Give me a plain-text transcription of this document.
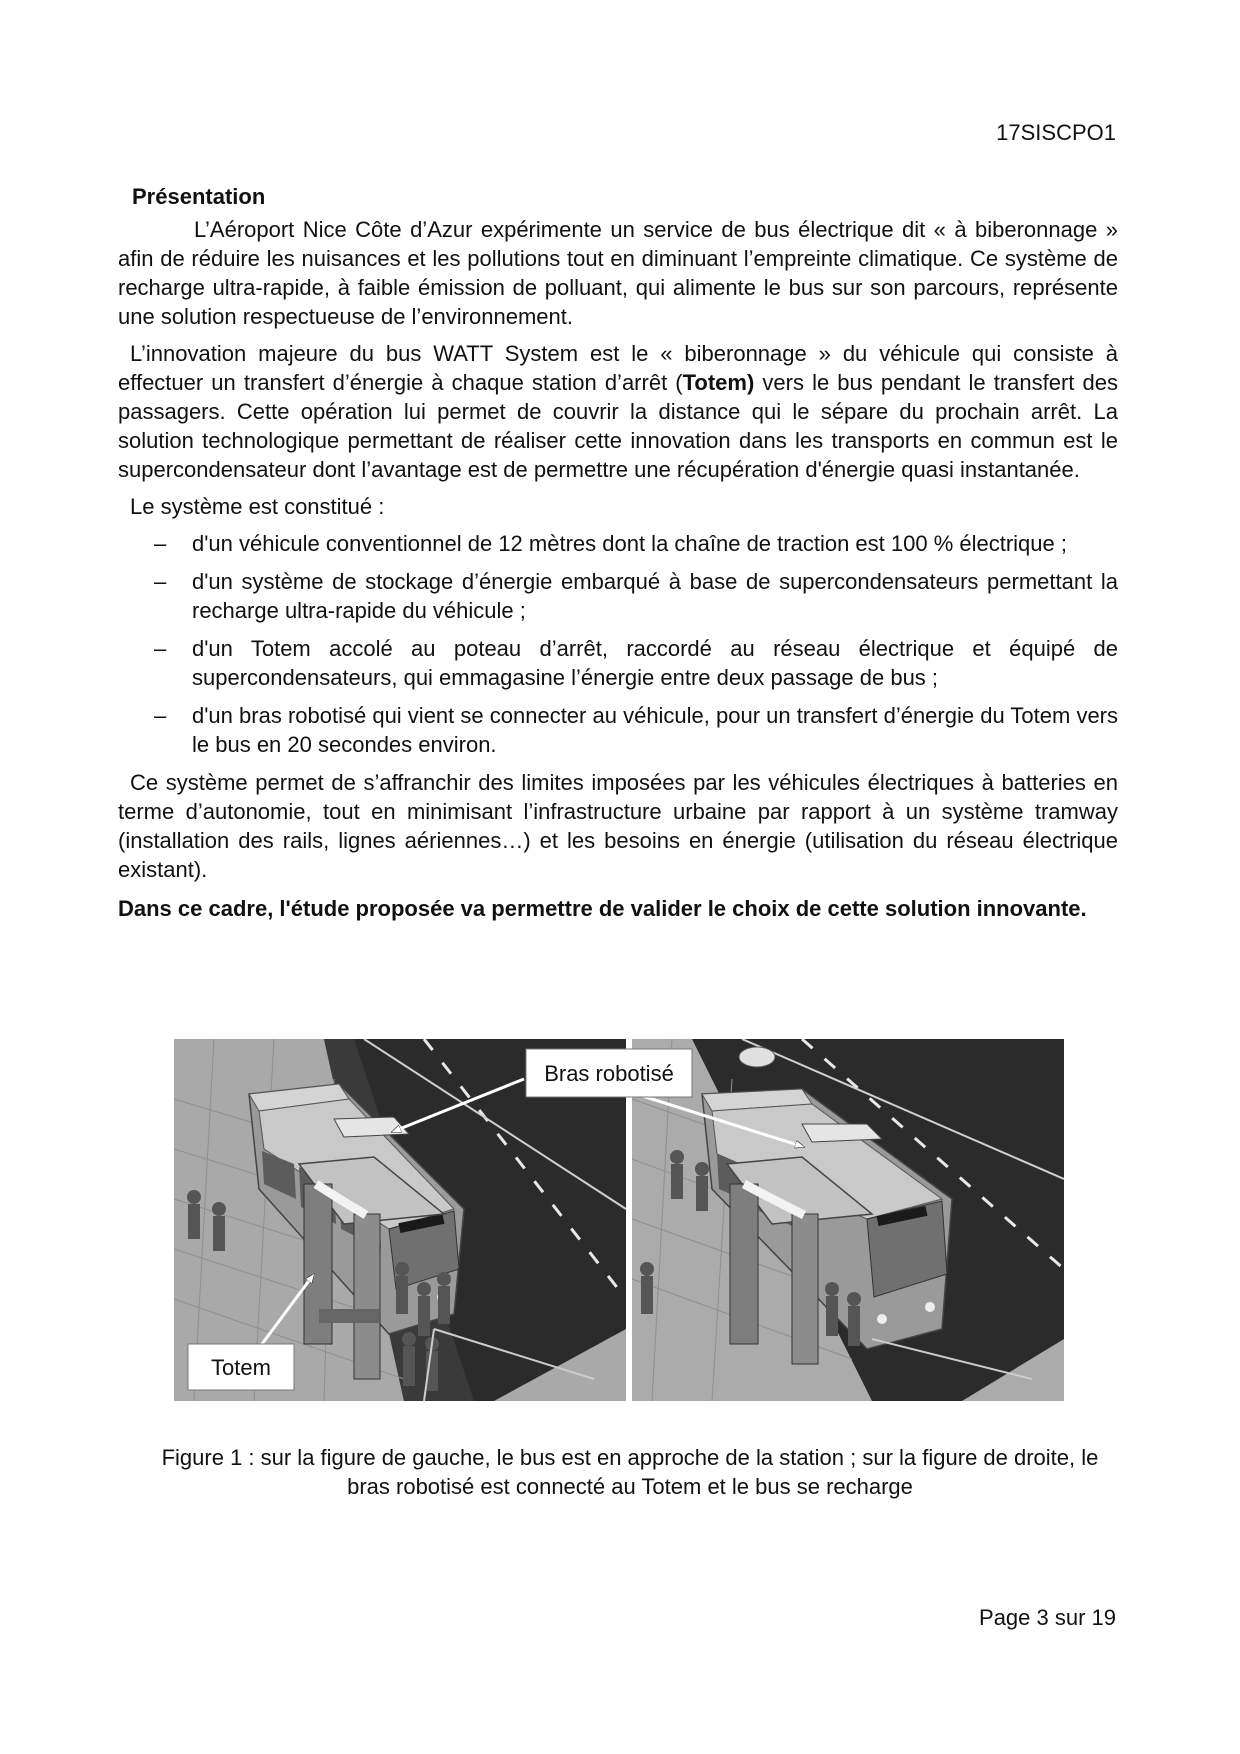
17SISCPO1
Présentation

L’Aéroport Nice Côte d’Azur expérimente un service de bus électrique dit « à biberonnage » afin de réduire les nuisances et les pollutions tout en diminuant l’empreinte climatique. Ce système de recharge ultra-rapide, à faible émission de polluant, qui alimente le bus sur son parcours, représente une solution respectueuse de l’environnement.

L’innovation majeure du bus WATT System est le « biberonnage » du véhicule qui consiste à effectuer un transfert d’énergie à chaque station d’arrêt (Totem) vers le bus pendant le transfert des passagers. Cette opération lui permet de couvrir la distance qui le sépare du prochain arrêt. La solution technologique permettant de réaliser cette innovation dans les transports en commun est le supercondensateur dont l’avantage est de permettre une récupération d'énergie quasi instantanée.

Le système est constitué :

– d'un véhicule conventionnel de 12 mètres dont la chaîne de traction est 100 % électrique ;
– d'un système de stockage d’énergie embarqué à base de supercondensateurs permettant la recharge ultra-rapide du véhicule ;
– d'un Totem accolé au poteau d’arrêt, raccordé au réseau électrique et équipé de supercondensateurs, qui emmagasine l’énergie entre deux passage de bus ;
– d'un bras robotisé qui vient se connecter au véhicule, pour un transfert d’énergie du Totem vers le bus en 20 secondes environ.

Ce système permet de s’affranchir des limites imposées par les véhicules électriques à batteries en terme d’autonomie, tout en minimisant l’infrastructure urbaine par rapport à un système tramway (installation des rails, lignes aériennes…) et les besoins en énergie (utilisation du réseau électrique existant).

Dans ce cadre, l'étude proposée va permettre de valider le choix de cette solution innovante.

Bras robotisé
Totem
Figure 1 : sur la figure de gauche, le bus est en approche de la station ; sur la figure de droite, le bras robotisé est connecté au Totem et le bus se recharge
Page 3 sur 19
